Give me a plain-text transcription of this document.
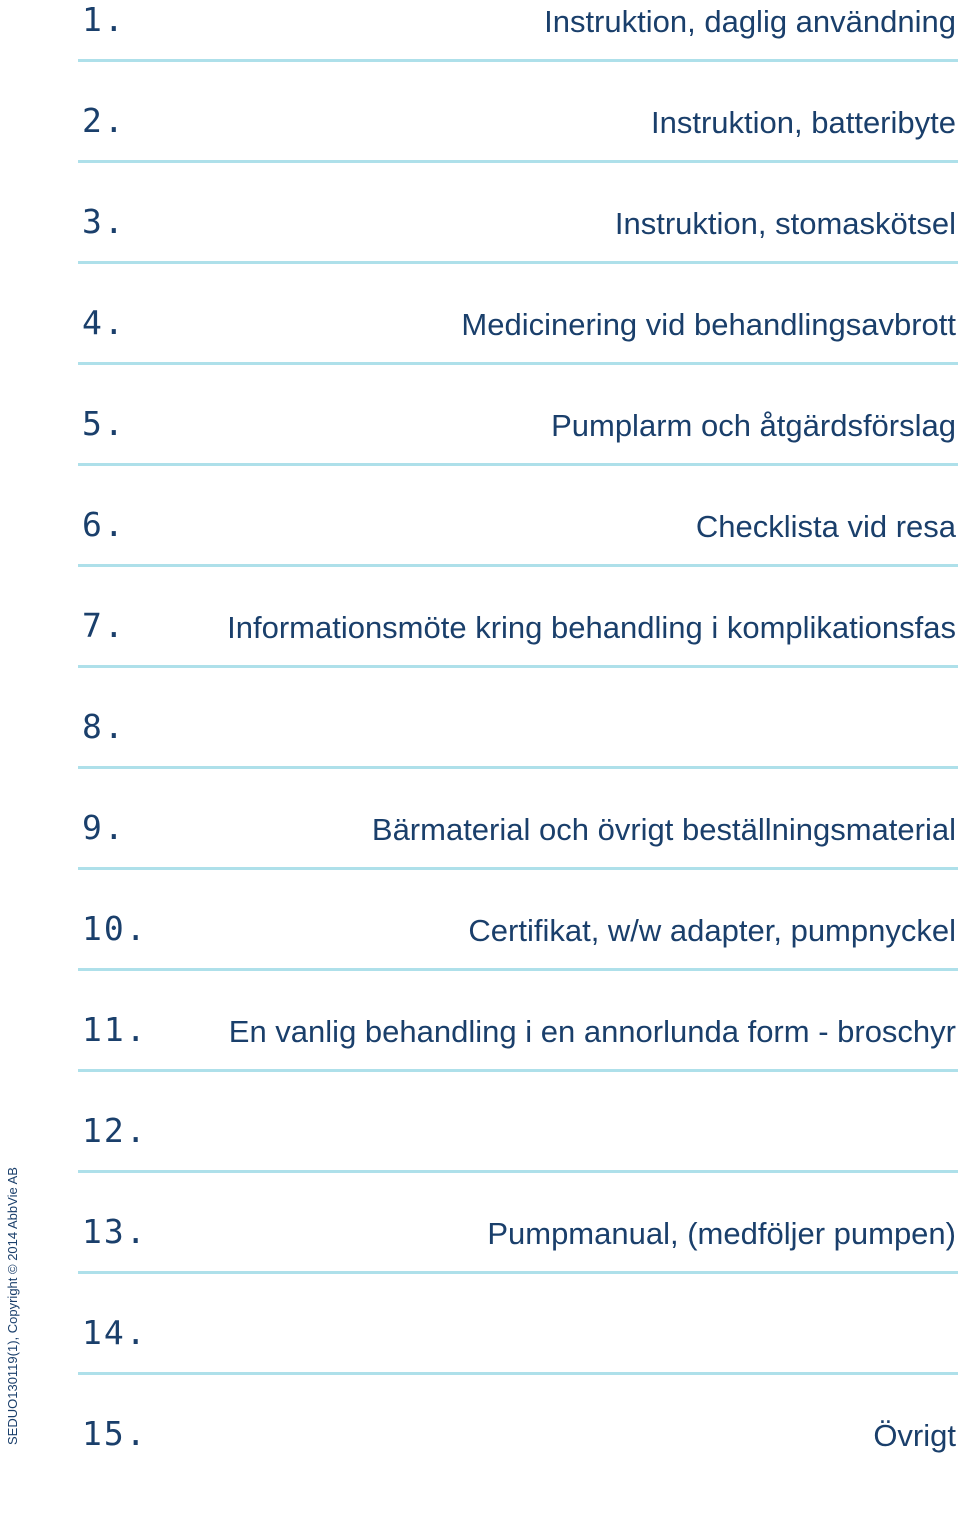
1.	Instruktion, daglig användning
2.	Instruktion, batteribyte
3.	Instruktion, stomaskötsel
4.	Medicinering vid behandlingsavbrott
5.	Pumplarm och åtgärdsförslag
6.	Checklista vid resa
7.	Informationsmöte kring behandling i komplikationsfas
8.
9.	Bärmaterial och övrigt beställningsmaterial
10.	Certifikat, w/w adapter, pumpnyckel
11.	En vanlig behandling i en annorlunda form - broschyr
12.
13.	Pumpmanual, (medföljer pumpen)
14.
15.	Övrigt
SEDUO130119(1), Copyright © 2014 AbbVie AB
